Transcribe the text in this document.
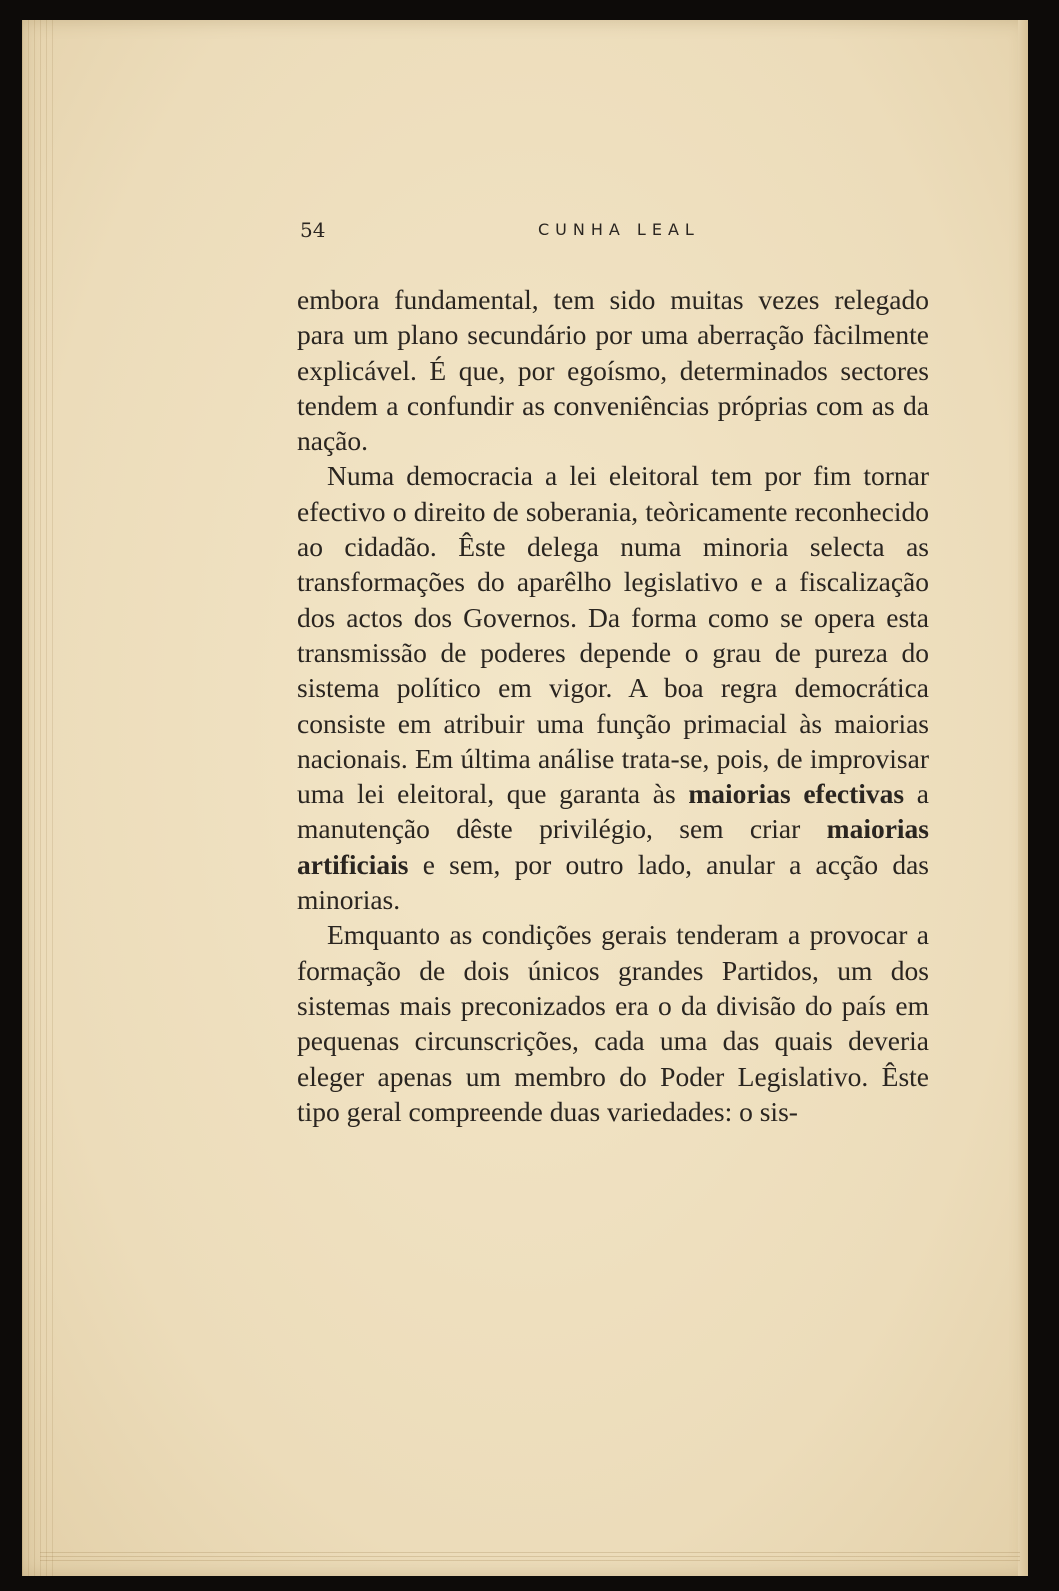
54	CUNHA LEAL

embora fundamental, tem sido muitas vezes relegado para um plano secundário por uma aberração fàcilmente explicável. É que, por egoísmo, determinados sectores tendem a confundir as conveniências próprias com as da nação.

Numa democracia a lei eleitoral tem por fim tornar efectivo o direito de soberania, teòricamente reconhecido ao cidadão. Êste delega numa minoria selecta as transformações do aparêlho legislativo e a fiscalização dos actos dos Governos. Da forma como se opera esta transmissão de poderes depende o grau de pureza do sistema político em vigor. A boa regra democrática consiste em atribuir uma função primacial às maiorias nacionais. Em última análise trata-se, pois, de improvisar uma lei eleitoral, que garanta às maiorias efectivas a manutenção dêste privilégio, sem criar maiorias artificiais e sem, por outro lado, anular a acção das minorias.

Emquanto as condições gerais tenderam a provocar a formação de dois únicos grandes Partidos, um dos sistemas mais preconizados era o da divisão do país em pequenas circunscrições, cada uma das quais deveria eleger apenas um membro do Poder Legislativo. Êste tipo geral compreende duas variedades: o sis-
